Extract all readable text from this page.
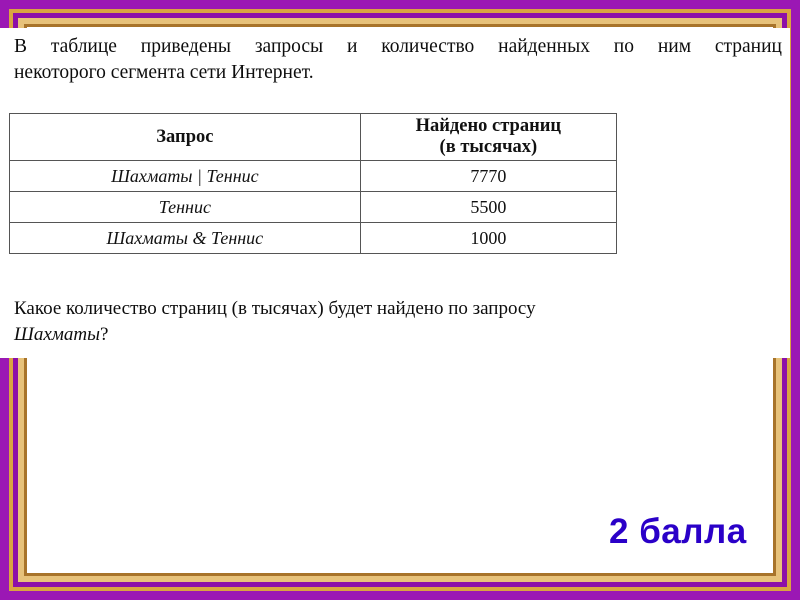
В таблице приведены запросы и количество найденных по ним страниц
некоторого сегмента сети Интернет.
Запрос	Найдено страниц
(в тысячах)

Шахматы | Теннис	7770
Теннис	5500
Шахматы & Теннис	1000
Какое количество страниц (в тысячах) будет найдено по запросу
Шахматы?
2 балла
